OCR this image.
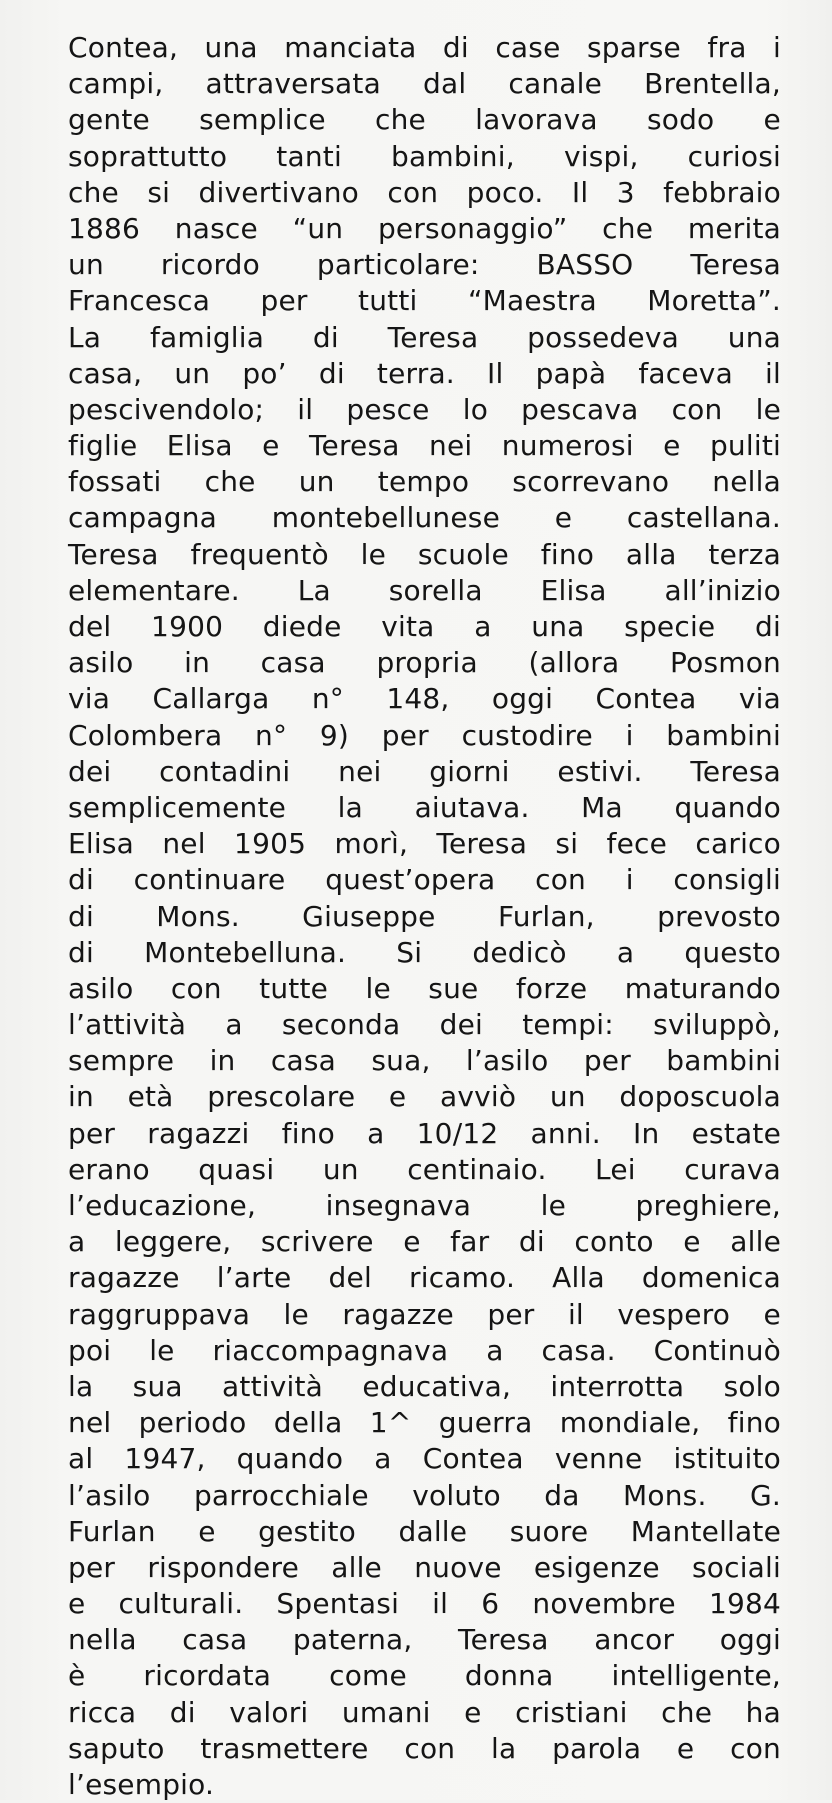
Contea, una manciata di case sparse fra i
campi, attraversata dal canale Brentella,
gente semplice che lavorava sodo e
soprattutto tanti bambini, vispi, curiosi
che si divertivano con poco. Il 3 febbraio
1886 nasce “un personaggio” che merita
un ricordo particolare: BASSO Teresa
Francesca per tutti “Maestra Moretta”.
La famiglia di Teresa possedeva una
casa, un po’ di terra. Il papà faceva il
pescivendolo; il pesce lo pescava con le
figlie Elisa e Teresa nei numerosi e puliti
fossati che un tempo scorrevano nella
campagna montebellunese e castellana.
Teresa frequentò le scuole fino alla terza
elementare. La sorella Elisa all’inizio
del 1900 diede vita a una specie di
asilo in casa propria (allora Posmon
via Callarga n° 148, oggi Contea via
Colombera n° 9) per custodire i bambini
dei contadini nei giorni estivi. Teresa
semplicemente la aiutava. Ma quando
Elisa nel 1905 morì, Teresa si fece carico
di continuare quest’opera con i consigli
di Mons. Giuseppe Furlan, prevosto
di Montebelluna. Si dedicò a questo
asilo con tutte le sue forze maturando
l’attività a seconda dei tempi: sviluppò,
sempre in casa sua, l’asilo per bambini
in età prescolare e avviò un doposcuola
per ragazzi fino a 10/12 anni. In estate
erano quasi un centinaio. Lei curava
l’educazione, insegnava le preghiere,
a leggere, scrivere e far di conto e alle
ragazze l’arte del ricamo. Alla domenica
raggruppava le ragazze per il vespero e
poi le riaccompagnava a casa. Continuò
la sua attività educativa, interrotta solo
nel periodo della 1^ guerra mondiale, fino
al 1947, quando a Contea venne istituito
l’asilo parrocchiale voluto da Mons. G.
Furlan e gestito dalle suore Mantellate
per rispondere alle nuove esigenze sociali
e culturali. Spentasi il 6 novembre 1984
nella casa paterna, Teresa ancor oggi
è ricordata come donna intelligente,
ricca di valori umani e cristiani che ha
saputo trasmettere con la parola e con
l’esempio.
